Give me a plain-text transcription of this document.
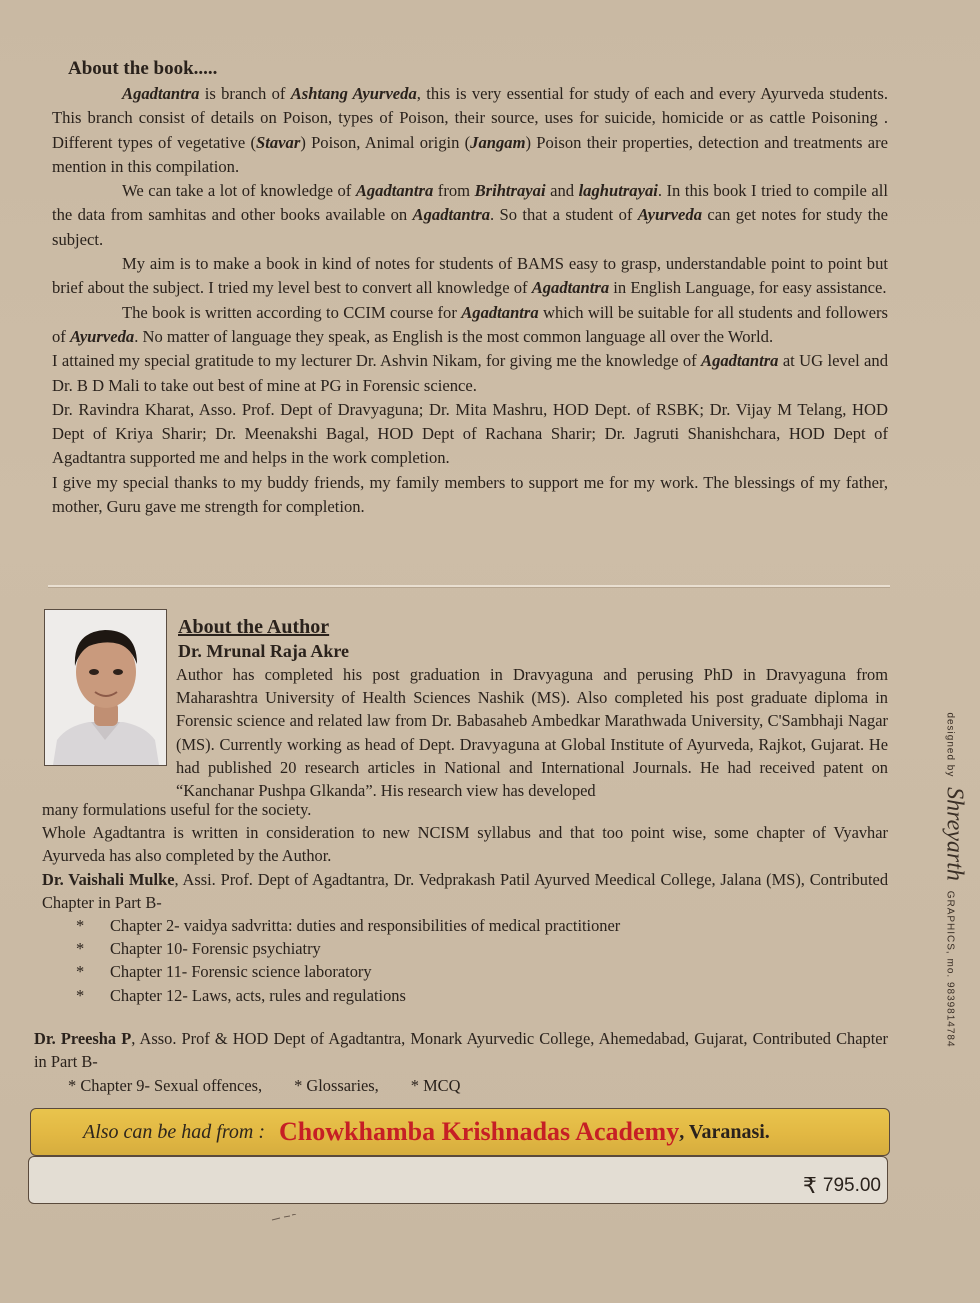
About the book.....

Agadtantra is branch of Ashtang Ayurveda, this is very essential for study of each and every Ayurveda students. This branch consist of details on Poison, types of Poison, their source, uses for suicide, homicide or as cattle Poisoning . Different types of vegetative (Stavar) Poison, Animal origin (Jangam) Poison their properties, detection and treatments are mention in this compilation.

We can take a lot of knowledge of Agadtantra from Brihtrayai and laghutrayai. In this book I tried to compile all the data from samhitas and other books available on Agadtantra. So that a student of Ayurveda can get notes for study the subject.

My aim is to make a book in kind of notes for students of BAMS easy to grasp, understandable point to point but brief about the subject. I tried my level best to convert all knowledge of Agadtantra in English Language, for easy assistance.

The book is written according to CCIM course for Agadtantra which will be suitable for all students and followers of Ayurveda. No matter of language they speak, as English is the most common language all over the World.

I attained my special gratitude to my lecturer Dr. Ashvin Nikam, for giving me the knowledge of Agadtantra at UG level and Dr. B D Mali to take out best of mine at PG in Forensic science.

Dr. Ravindra Kharat, Asso. Prof. Dept of Dravyaguna; Dr. Mita Mashru, HOD Dept. of RSBK; Dr. Vijay M Telang, HOD Dept of Kriya Sharir; Dr. Meenakshi Bagal, HOD Dept of Rachana Sharir; Dr. Jagruti Shanishchara, HOD Dept of Agadtantra supported me and helps in the work completion.

I give my special thanks to my buddy friends, my family members to support me for my work. The blessings of my father, mother, Guru gave me strength for completion.

About the Author

Dr. Mrunal Raja Akre

Author has completed his post graduation in Dravyaguna and perusing PhD in Dravyaguna from Maharashtra University of Health Sciences Nashik (MS). Also completed his post graduate diploma in Forensic science and related law from Dr. Babasaheb Ambedkar Marathwada University, C'Sambhaji Nagar (MS). Currently working as head of Dept. Dravyaguna at Global Institute of Ayurveda, Rajkot, Gujarat. He had published 20 research articles in National and International Journals. He had received patent on “Kanchanar Pushpa Glkanda”. His research view has developed

many formulations useful for the society.

Whole Agadtantra is written in consideration to new NCISM syllabus and that too point wise, some chapter of Vyavhar Ayurveda has also completed by the Author.

Dr. Vaishali Mulke, Assi. Prof. Dept of Agadtantra, Dr. Vedprakash Patil Ayurved Meedical College, Jalana (MS), Contributed Chapter in Part B-

*	Chapter 2- vaidya sadvritta: duties and responsibilities of medical practitioner
*	Chapter 10- Forensic psychiatry
*	Chapter 11- Forensic science laboratory
*	Chapter 12- Laws, acts, rules and regulations

Dr. Preesha P, Asso. Prof & HOD Dept of Agadtantra, Monark Ayurvedic College, Ahemedabad, Gujarat, Contributed Chapter in Part B-

* Chapter 9- Sexual offences, * Glossaries, * MCQ
Also can be had from : Chowkhamba Krishnadas Academy , Varanasi.
₹ 795.00
designed by Shreyarth GRAPHICS, mo. 9839814784
